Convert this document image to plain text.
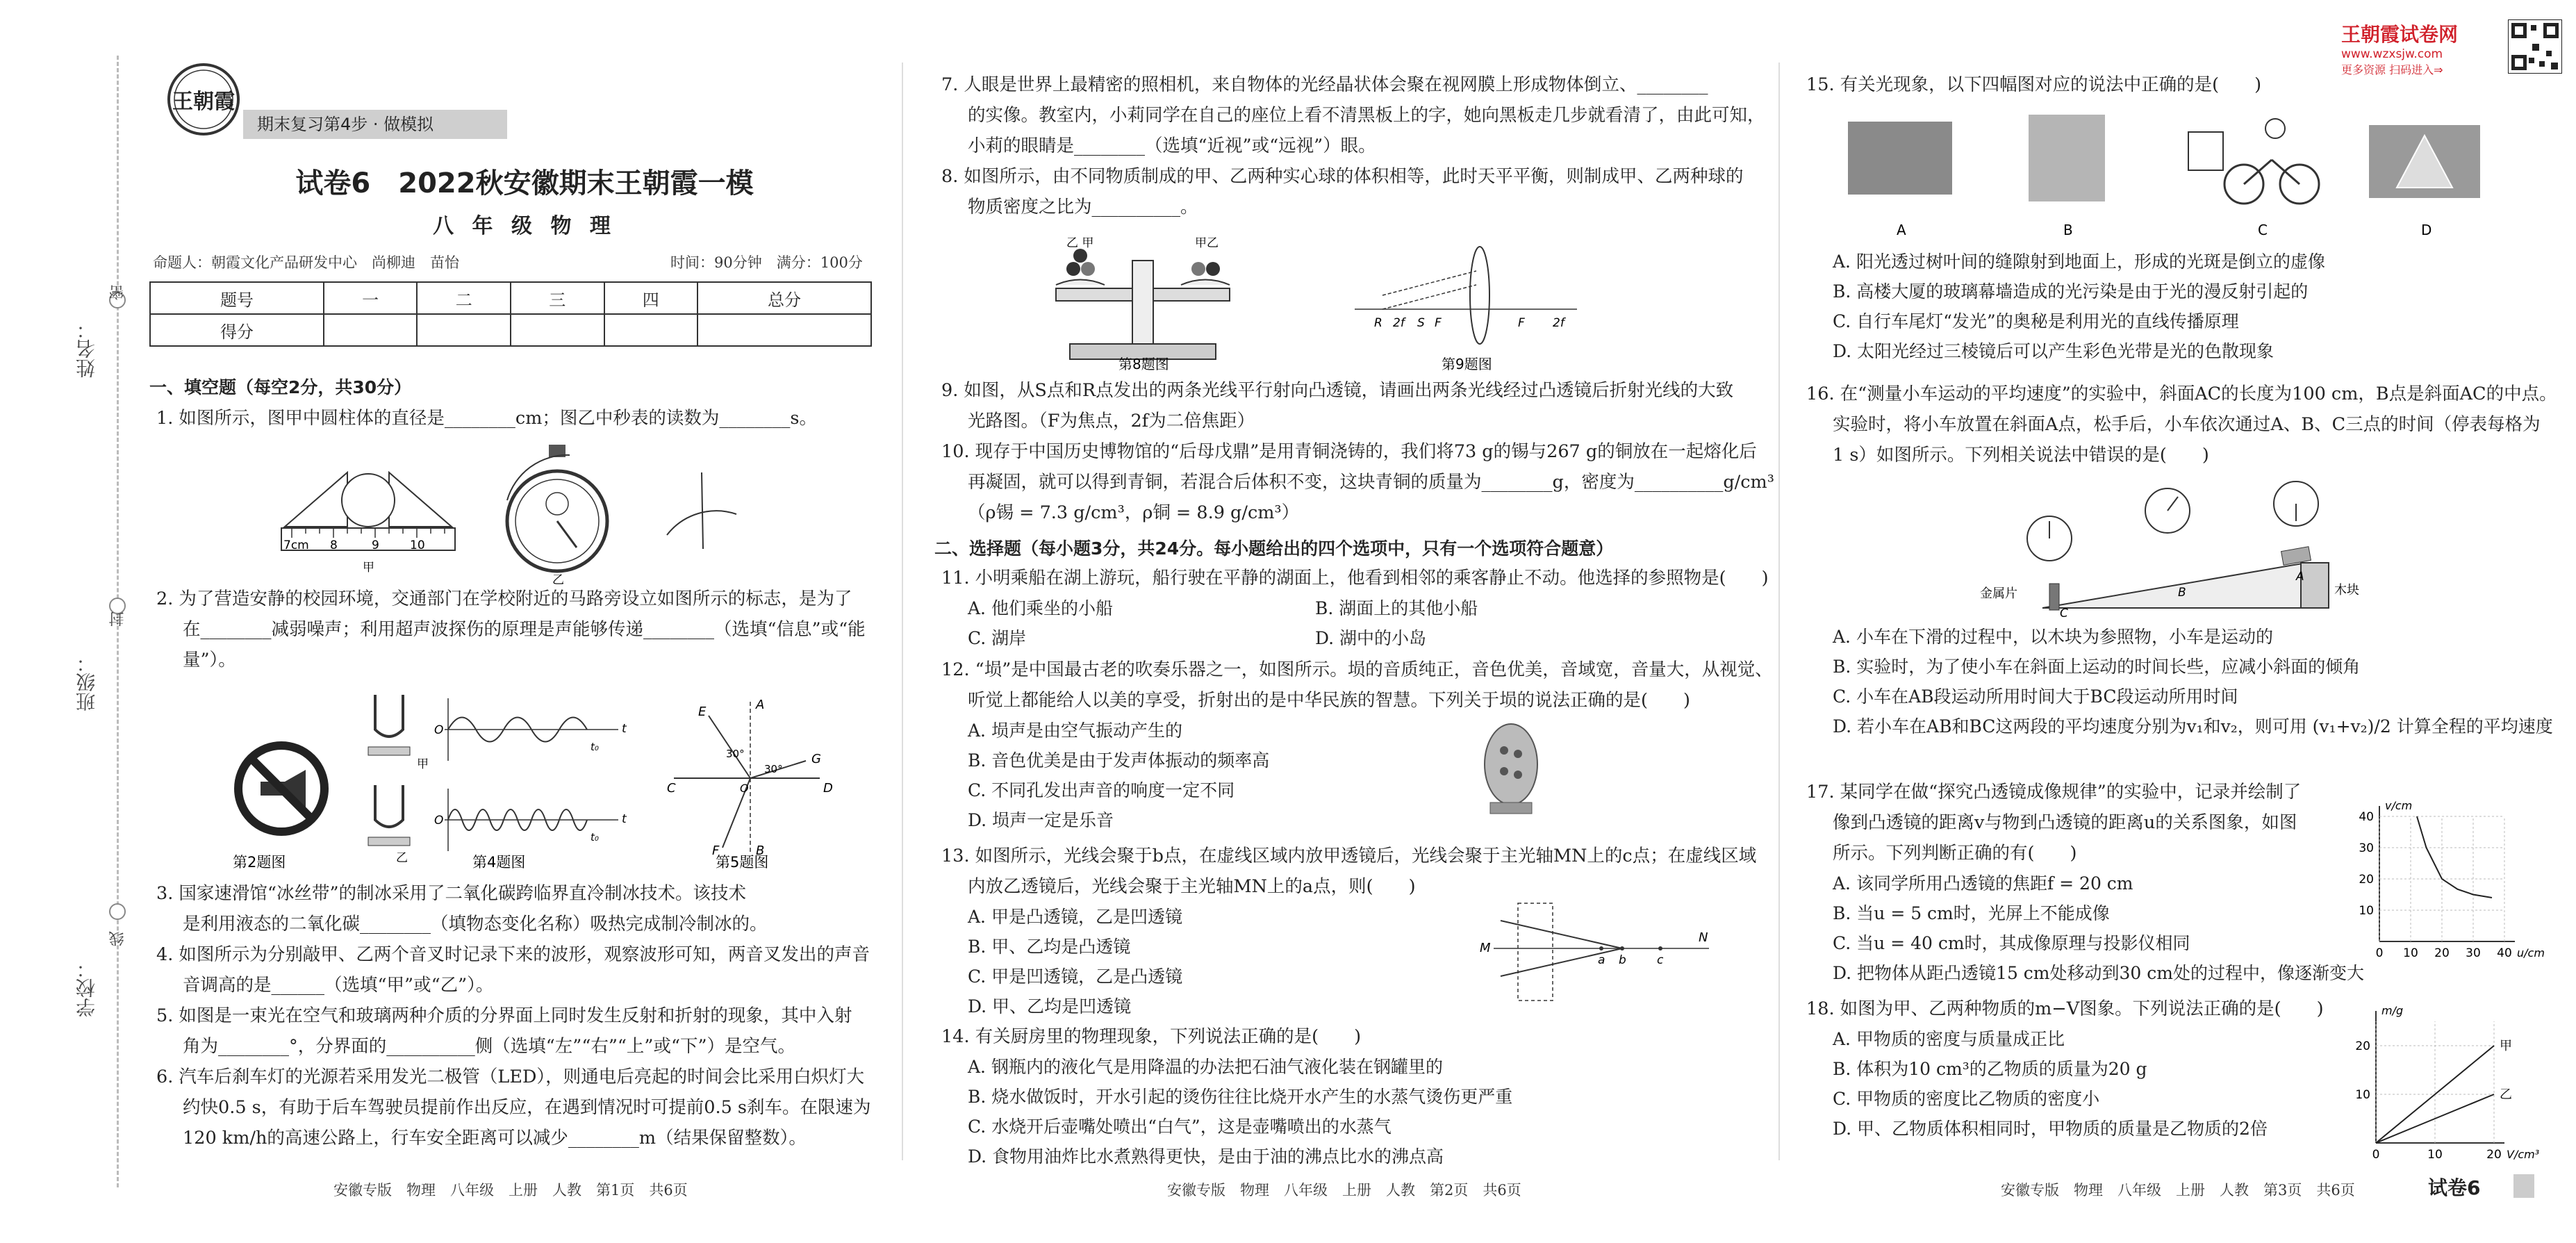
姓名：
班级：
学校：
密
封
线
王朝霞
期末复习第4步 · 做模拟
试卷6　2022秋安徽期末王朝霞一模
八 年 级 物 理
命题人：朝霞文化产品研发中心　尚柳迪　苗怡	时间：90分钟　满分：100分
题号	一	二	三	四	总分
得分					
一、填空题（每空2分，共30分）
1. 如图所示，图甲中圆柱体的直径是________cm；图乙中秒表的读数为________s。
7cm 8	9	10
甲
乙
2. 为了营造安静的校园环境，交通部门在学校附近的马路旁设立如图所示的标志，是为了
在________减弱噪声；利用超声波探伤的原理是声能够传递________（选填“信息”或“能
量”）。
甲
乙
O	t
t₀
O	t
t₀
E	A
G
C	D
F	B
O
30°
30°
第2题图	第4题图	第5题图
3. 国家速滑馆“冰丝带”的制冰采用了二氧化碳跨临界直冷制冰技术。该技术
是利用液态的二氧化碳________（填物态变化名称）吸热完成制冷制冰的。
4. 如图所示为分别敲甲、乙两个音叉时记录下来的波形，观察波形可知，两音叉发出的声音
音调高的是______（选填“甲”或“乙”）。
5. 如图是一束光在空气和玻璃两种介质的分界面上同时发生反射和折射的现象，其中入射
角为________°，分界面的__________侧（选填“左”“右”“上”或“下”）是空气。
6. 汽车后刹车灯的光源若采用发光二极管（LED），则通电后亮起的时间会比采用白炽灯大
约快0.5 s，有助于后车驾驶员提前作出反应，在遇到情况时可提前0.5 s刹车。在限速为
120 km/h的高速公路上，行车安全距离可以减少________m（结果保留整数）。
安徽专版　物理　八年级　上册　人教　第1页　共6页
7. 人眼是世界上最精密的照相机，来自物体的光经晶状体会聚在视网膜上形成物体倒立、________
的实像。教室内，小莉同学在自己的座位上看不清黑板上的字，她向黑板走几步就看清了，由此可知，
小莉的眼睛是________（选填“近视”或“远视”）眼。
8. 如图所示，由不同物质制成的甲、乙两种实心球的体积相等，此时天平平衡，则制成甲、乙两种球的
物质密度之比为__________。
乙 甲	甲乙
第8题图
R 2f S F	F 2f
第9题图
9. 如图，从S点和R点发出的两条光线平行射向凸透镜，请画出两条光线经过凸透镜后折射光线的大致
光路图。（F为焦点，2f为二倍焦距）
10. 现存于中国历史博物馆的“后母戊鼎”是用青铜浇铸的，我们将73 g的锡与267 g的铜放在一起熔化后
再凝固，就可以得到青铜，若混合后体积不变，这块青铜的质量为________g，密度为__________g/cm³
（ρ锡 = 7.3 g/cm³，ρ铜 = 8.9 g/cm³）
二、选择题（每小题3分，共24分。每小题给出的四个选项中，只有一个选项符合题意）
11. 小明乘船在湖上游玩，船行驶在平静的湖面上，他看到相邻的乘客静止不动。他选择的参照物是(　　)
A. 他们乘坐的小船	B. 湖面上的其他小船
C. 湖岸	D. 湖中的小岛
12. “埙”是中国最古老的吹奏乐器之一，如图所示。埙的音质纯正，音色优美，音域宽，音量大，从视觉、
听觉上都能给人以美的享受，折射出的是中华民族的智慧。下列关于埙的说法正确的是(　　)
A. 埙声是由空气振动产生的
B. 音色优美是由于发声体振动的频率高
C. 不同孔发出声音的响度一定不同
D. 埙声一定是乐音
13. 如图所示，光线会聚于b点，在虚线区域内放甲透镜后，光线会聚于主光轴MN上的c点；在虚线区域
内放乙透镜后，光线会聚于主光轴MN上的a点，则(　　)
A. 甲是凸透镜，乙是凹透镜
B. 甲、乙均是凸透镜
C. 甲是凹透镜，乙是凸透镜
D. 甲、乙均是凹透镜
M
N
a b	c
14. 有关厨房里的物理现象，下列说法正确的是(　　)
A. 钢瓶内的液化气是用降温的办法把石油气液化装在钢罐里的
B. 烧水做饭时，开水引起的烫伤往往比烧开水产生的水蒸气烫伤更严重
C. 水烧开后壶嘴处喷出“白气”，这是壶嘴喷出的水蒸气
D. 食物用油炸比水煮熟得更快，是由于油的沸点比水的沸点高
安徽专版　物理　八年级　上册　人教　第2页　共6页
王朝霞试卷网
www.wzxsjw.com
更多资源 扫码进入⇒
15. 有关光现象，以下四幅图对应的说法中正确的是(　　)
A	B	C	D
A. 阳光透过树叶间的缝隙射到地面上，形成的光斑是倒立的虚像
B. 高楼大厦的玻璃幕墙造成的光污染是由于光的漫反射引起的
C. 自行车尾灯“发光”的奥秘是利用光的直线传播原理
D. 太阳光经过三棱镜后可以产生彩色光带是光的色散现象
16. 在“测量小车运动的平均速度”的实验中，斜面AC的长度为100 cm，B点是斜面AC的中点。
实验时，将小车放置在斜面A点，松手后，小车依次通过A、B、C三点的时间（停表每格为
1 s）如图所示。下列相关说法中错误的是(　　)
金属片	木块
A
B
C
A. 小车在下滑的过程中，以木块为参照物，小车是运动的
B. 实验时，为了使小车在斜面上运动的时间长些，应减小斜面的倾角
C. 小车在AB段运动所用时间大于BC段运动所用时间
D. 若小车在AB和BC这两段的平均速度分别为v₁和v₂，则可用 (v₁+v₂)/2 计算全程的平均速度
17. 某同学在做“探究凸透镜成像规律”的实验中，记录并绘制了
像到凸透镜的距离v与物到凸透镜的距离u的关系图象，如图
所示。下列判断正确的有(　　)
A. 该同学所用凸透镜的焦距f = 20 cm
B. 当u = 5 cm时，光屏上不能成像
C. 当u = 40 cm时，其成像原理与投影仪相同
D. 把物体从距凸透镜15 cm处移动到30 cm处的过程中，像逐渐变大
0 10 20 30 40
10
20
30
40
u/cm
v/cm
18. 如图为甲、乙两种物质的m−V图象。下列说法正确的是(　　)
A. 甲物质的密度与质量成正比
B. 体积为10 cm³的乙物质的质量为20 g
C. 甲物质的密度比乙物质的密度小
D. 甲、乙物质体积相同时，甲物质的质量是乙物质的2倍
0	10	20
10
20
V/cm³
m/g
甲
乙
安徽专版　物理　八年级　上册　人教　第3页　共6页	试卷6
